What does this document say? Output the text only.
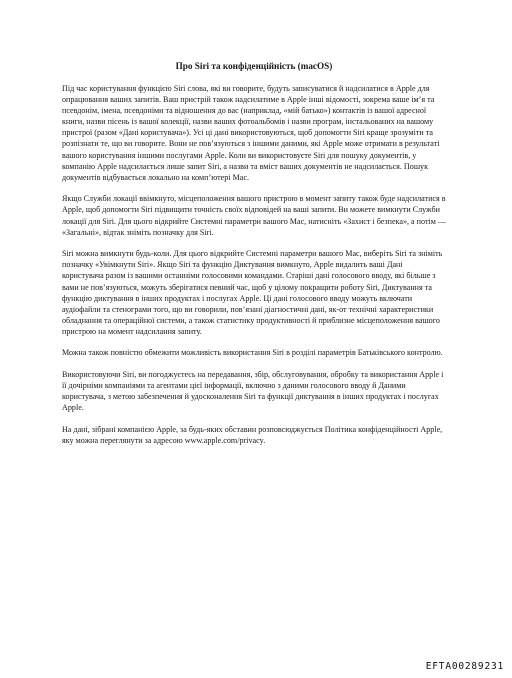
Про Siri та конфіденційність (macOS)

Під час користування функцією Siri слова, які ви говорите, будуть записуватися й надсилатися в Apple для опрацювання ваших запитів. Ваш пристрій також надсилатиме в Apple інші відомості, зокрема ваше ім’я та псевдонім, імена, псевдоніми та відношення до вас (наприклад, «мій батько») контактів із вашої адресної книги, назви пісень із вашої колекції, назви ваших фотоальбомів і назви програм, інстальованих на вашому пристрої (разом «Дані користувача»). Усі ці дані використовуються, щоб допомогти Siri краще зрозуміти та розпізнати те, що ви говорите. Вони не пов’язуються з іншими даними, які Apple може отримати в результаті вашого користування іншими послугами Apple. Коли ви використовуєте Siri для пошуку документів, у компанію Apple надсилається лише запит Siri, а назви та вміст ваших документів не надсилається. Пошук документів відбувається локально на комп’ютері Mac.

Якщо Служби локації ввімкнуто, місцеположення вашого пристрою в момент запиту також буде надсилатися в Apple, щоб допомогти Siri підвищити точність своїх відповідей на ваші запити. Ви можете вимкнути Служби локації для Siri. Для цього відкрийте Системні параметри вашого Mac, натисніть «Захист і безпека», а потім — «Загальні», відтак зніміть позначку для Siri.

Siri можна вимкнути будь-коли. Для цього відкрийте Системні параметри вашого Mac, виберіть Siri та зніміть позначку «Увімкнути Siri». Якщо Siri та функцію Диктування вимкнуто, Apple видалить ваші Дані користувача разом із вашими останніми голосовими командами. Старіші дані голосового вводу, які більше з вами не пов’язуються, можуть зберігатися певний час, щоб у цілому покращити роботу Siri, Диктування та функцію диктування в інших продуктах і послугах Apple. Ці дані голосового вводу можуть включати аудіофайли та стенограми того, що ви говорили, пов’язані діагностичні дані, як-от технічні характеристики обладнання та операційної системи, а також статистику продуктивності й приблизне місцеположення вашого пристрою на момент надсилання запиту.

Можна також повністю обмежити можливість використання Siri в розділі параметрів Батьківського контролю.

Використовуючи Siri, ви погоджуєтесь на передавання, збір, обслуговування, обробку та використання Apple і її дочірніми компаніями та агентами цієї інформації, включно з даними голосового вводу й Даними користувача, з метою забезпечення й удосконалення Siri та функції диктування в інших продуктах і послугах Apple.

На дані, зібрані компанією Apple, за будь-яких обставин розповсюджується Політика конфіденційності Apple, яку можна переглянути за адресою www.apple.com/privacy.

EFTA00289231
